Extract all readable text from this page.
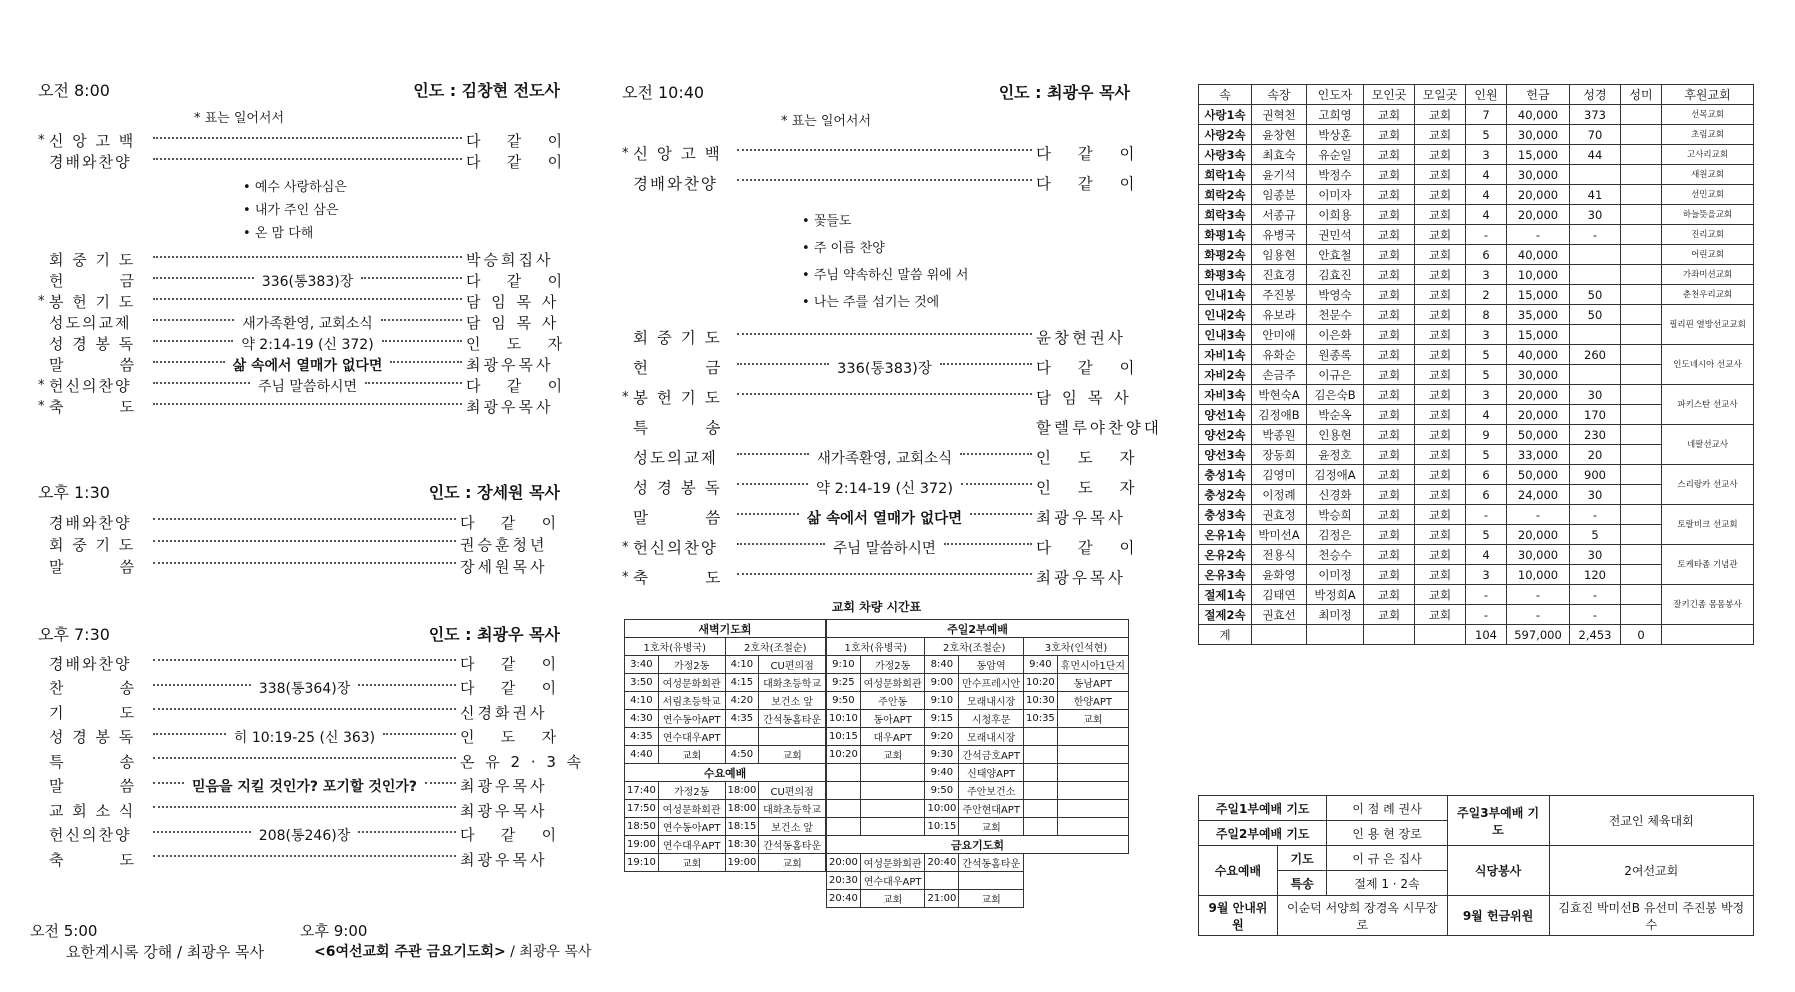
오전 8:00	인도 : 김창현 전도사
* 표는 일어서서
* 신 앙 고 백	다   같   이
경배와찬양	다   같   이
• 예수 사랑하심은
• 내가 주인 삼은
• 온 맘 다해
회 중 기 도	박승희집사
헌        금	336(통383)장	다   같   이
* 봉 헌 기 도	담 임 목 사
성도의교제	새가족환영, 교회소식	담 임 목 사
성 경 봉 독	약 2:14-19 (신 372)	인   도   자
말        씀	삶 속에서 열매가 없다면	최광우목사
* 헌신의찬양	주님 말씀하시면	다   같   이
* 축        도	최광우목사
오후 1:30	인도 : 장세원 목사
경배와찬양	다   같   이
회 중 기 도	권승훈청년
말        씀	장세원목사
오후 7:30	인도 : 최광우 목사
경배와찬양	다   같   이
찬        송	338(통364)장	다   같   이
기        도	신경화권사
성 경 봉 독	히 10:19-25 (신 363)	인   도   자
특        송	온 유 2 · 3 속
말        씀	믿음을 지킬 것인가? 포기할 것인가?	최광우목사
교 회 소 식	최광우목사
헌신의찬양	208(통246)장	다   같   이
축        도	최광우목사
오전 5:00
요한계시록 강해 / 최광우 목사
오후 9:00
<6여선교회 주관 금요기도회> / 최광우 목사
오전 10:40	인도 : 최광우 목사
* 표는 일어서서
* 신 앙 고 백	다   같   이
경배와찬양	다   같   이
• 꽃들도
• 주 이름 찬양
• 주님 약속하신 말씀 위에 서
• 나는 주를 섬기는 것에
회 중 기 도	윤창현권사
헌        금	336(통383)장	다   같   이
* 봉 헌 기 도	담 임 목 사
특        송	할렐루야찬양대
성도의교제	새가족환영, 교회소식	인   도   자
성 경 봉 독	약 2:14-19 (신 372)	인   도   자
말        씀	삶 속에서 열매가 없다면	최광우목사
* 헌신의찬양	주님 말씀하시면	다   같   이
* 축        도	최광우목사
교회 차량 시간표
새벽기도회			
1호차(유병국)		2호차(조철순)	
3:40	가정2동	4:10	CU편의점
3:50	여성문화회관	4:15	대화초등학교
4:10	서림초등학교	4:20	보건소 앞
4:30	연수동아APT	4:35	간석동홈타운
4:35	연수대우APT		
4:40	교회	4:50	교회
수요예배			
17:40	가정2동	18:00	CU편의점
17:50	여성문화회관	18:00	대화초등학교
18:50	연수동아APT	18:15	보건소 앞
19:00	연수대우APT	18:30	간석동홈타운
19:10	교회	19:00	교회
주일2부예배					
1호차(유병국)		2호차(조철순)		3호차(인석현)	
9:10	가정2동	8:40	동암역	9:40	휴먼시아1단지
9:25	여성문화회관	9:00	만수프레시안	10:20	동남APT
9:50	주안동	9:10	모래내시장	10:30	한양APT
10:10	동아APT	9:15	시청후문	10:35	교회
10:15	대우APT	9:20	모래내시장		
10:20	교회	9:30	간석금호APT		
		9:40	신태양APT		
		9:50	주안보건소		
		10:00	주안현대APT		
		10:15	교회		
금요기도회					
20:00	여성문화회관	20:40	간석동홈타운		
20:30	연수대우APT				
20:40	교회	21:00	교회		
속	속장	인도자	모인곳	모일곳	인원	헌금	성경	성미	후원교회
사랑1속	권혁천	고희영	교회	교회	7	40,000	373		선목교회
사랑2속	윤창현	박상훈	교회	교회	5	30,000	70		초림교회
사랑3속	최효숙	유순일	교회	교회	3	15,000	44		고사리교회
희락1속	윤기석	박정수	교회	교회	4	30,000			새원교회
희락2속	임종분	이미자	교회	교회	4	20,000	41		선민교회
희락3속	서종규	이희용	교회	교회	4	20,000	30		하늘뜻을교회
화평1속	유병국	권민석	교회	교회	-	-	-		진리교회
화평2속	임용현	안효철	교회	교회	6	40,000			어린교회
화평3속	진효경	김효진	교회	교회	3	10,000			가좌미션교회
인내1속	주진봉	박영숙	교회	교회	2	15,000	50		춘천우리교회
인내2속	유보라	천문수	교회	교회	8	35,000	50		필리핀 열방선교교회
인내3속	안미애	이은화	교회	교회	3	15,000			
자비1속	유화순	원종록	교회	교회	5	40,000	260		인도네시아 선교사
자비2속	손금주	이규은	교회	교회	5	30,000			
자비3속	박현숙A	김은숙B	교회	교회	3	20,000	30		파키스탄 선교사
양선1속	김정애B	박순옥	교회	교회	4	20,000	170		
양선2속	박종원	인용현	교회	교회	9	50,000	230		네팔선교사
양선3속	장동희	윤정호	교회	교회	5	33,000	20		
충성1속	김영미	김정애A	교회	교회	6	50,000	900		스리랑카 선교사
충성2속	이정례	신경화	교회	교회	6	24,000	30		
충성3속	권효정	박승희	교회	교회	-	-	-		토랄비크 선교회
온유1속	박미선A	김정은	교회	교회	5	20,000	5		
온유2속	전용식	천승수	교회	교회	4	30,000	30		토케타좀 기념관
온유3속	윤화영	이미정	교회	교회	3	10,000	120		
절제1속	김태연	박정희A	교회	교회	-	-	-		잘키긴좀 몸몸봉사
절제2속	권효선	최미정	교회	교회	-	-	-		
계					104	597,000	2,453	0	
주일1부예배 기도		이 점 례 권사	주일3부예배 기도	전교인 체육대회
주일2부예배 기도		인 용 현 장로		
수요예배	기도	이 규 은 집사	식당봉사	2여선교회
	특송	절제 1 · 2속		
9월 안내위원	이순덕 서양희 장경옥 시무장로		9월 헌금위원	김효진 박미선B 유선미 주진봉 박정수
